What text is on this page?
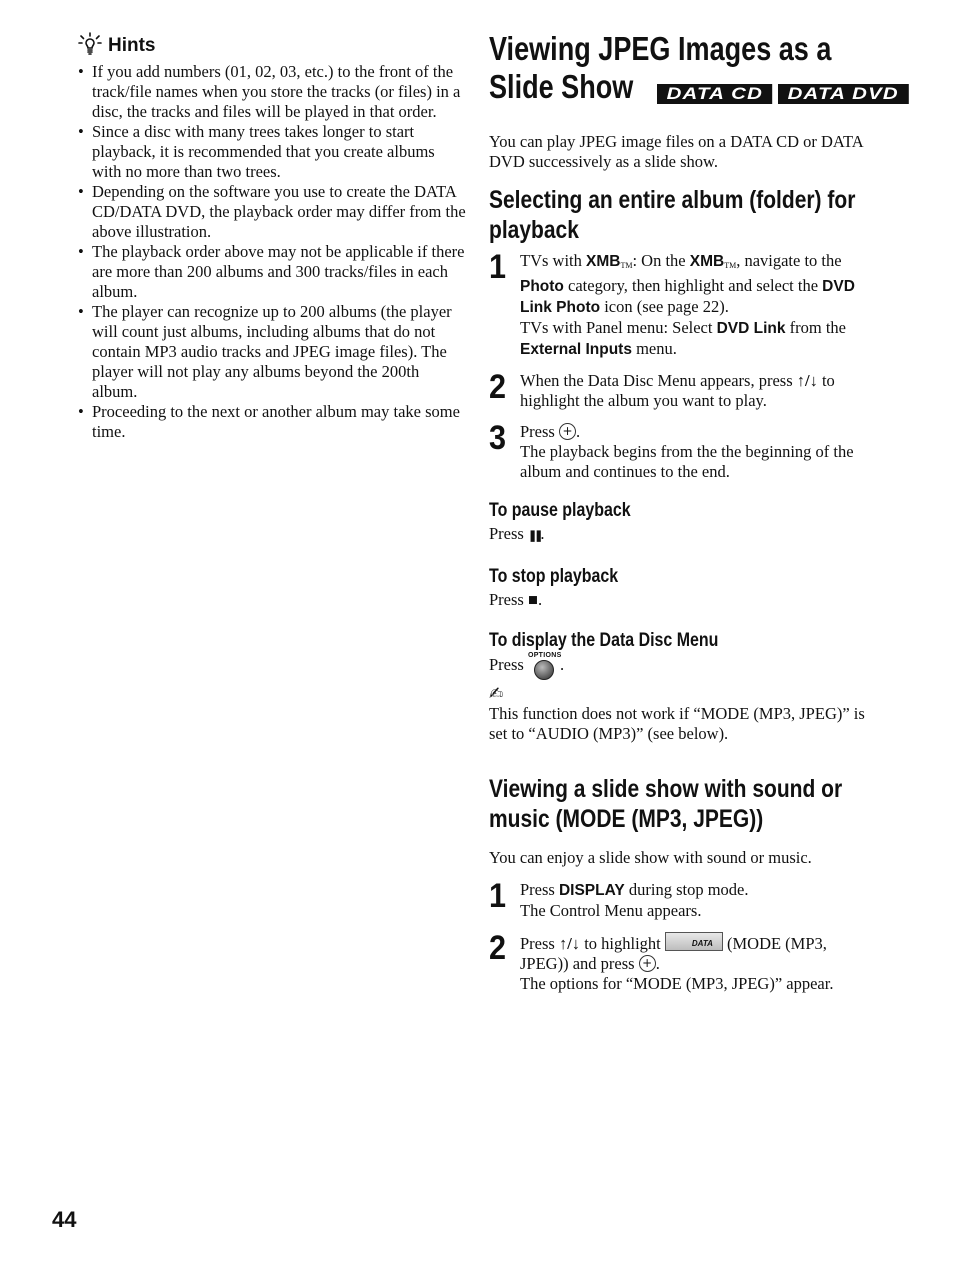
Hints
• If you add numbers (01, 02, 03, etc.) to the front of the track/file names when you store the tracks (or files) in a disc, the tracks and files will be played in that order.
• Since a disc with many trees takes longer to start playback, it is recommended that you create albums with no more than two trees.
• Depending on the software you use to create the DATA CD/DATA DVD, the playback order may differ from the above illustration.
• The playback order above may not be applicable if there are more than 200 albums and 300 tracks/files in each album.
• The player can recognize up to 200 albums (the player will count just albums, including albums that do not contain MP3 audio tracks and JPEG image files). The player will not play any albums beyond the 200th album.
• Proceeding to the next or another album may take some time.
Viewing JPEG Images as a

Slide Show DATA CD DATA DVD

You can play JPEG image files on a DATA CD or DATA DVD successively as a slide show.

Selecting an entire album (folder) for
playback
1 TVs with $XMB_{TM}$: On the $XMB_{TM}$, navigate to the Photo category, then highlight and select the DVD Link Photo icon (see page 22).
TVs with Panel menu: Select DVD Link from the External Inputs menu.
2 When the Data Disc Menu appears, press ↑/↓ to highlight the album you want to play.
3 Press +.
The playback begins from the the beginning of the album and continues to the end.
To pause playback

Press ❚❚.

To stop playback

Press ■.

To display the Data Disc Menu

Press OPTIONS
.

✍

This function does not work if “MODE (MP3, JPEG)” is set to “AUDIO (MP3)” (see below).

Viewing a slide show with sound or
music (MODE (MP3, JPEG))

You can enjoy a slide show with sound or music.

1 Press DISPLAY during stop mode.
The Control Menu appears.
2 Press ↑/↓ to highlight	DATA (MODE (MP3,
JPEG)) and press +.
The options for “MODE (MP3, JPEG)” appear.
44
